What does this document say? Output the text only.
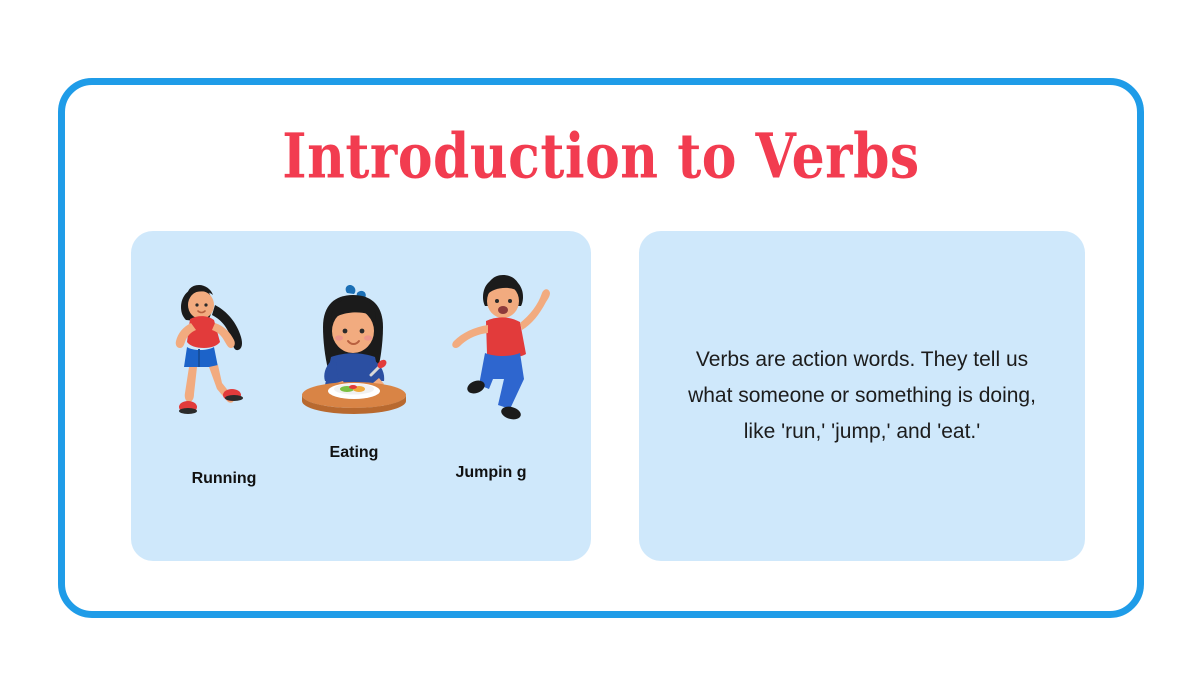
Introduction to Verbs
Running
Eating
Jumpin g
Verbs are action words. They tell us what someone or something is doing, like 'run,' 'jump,' and 'eat.'
